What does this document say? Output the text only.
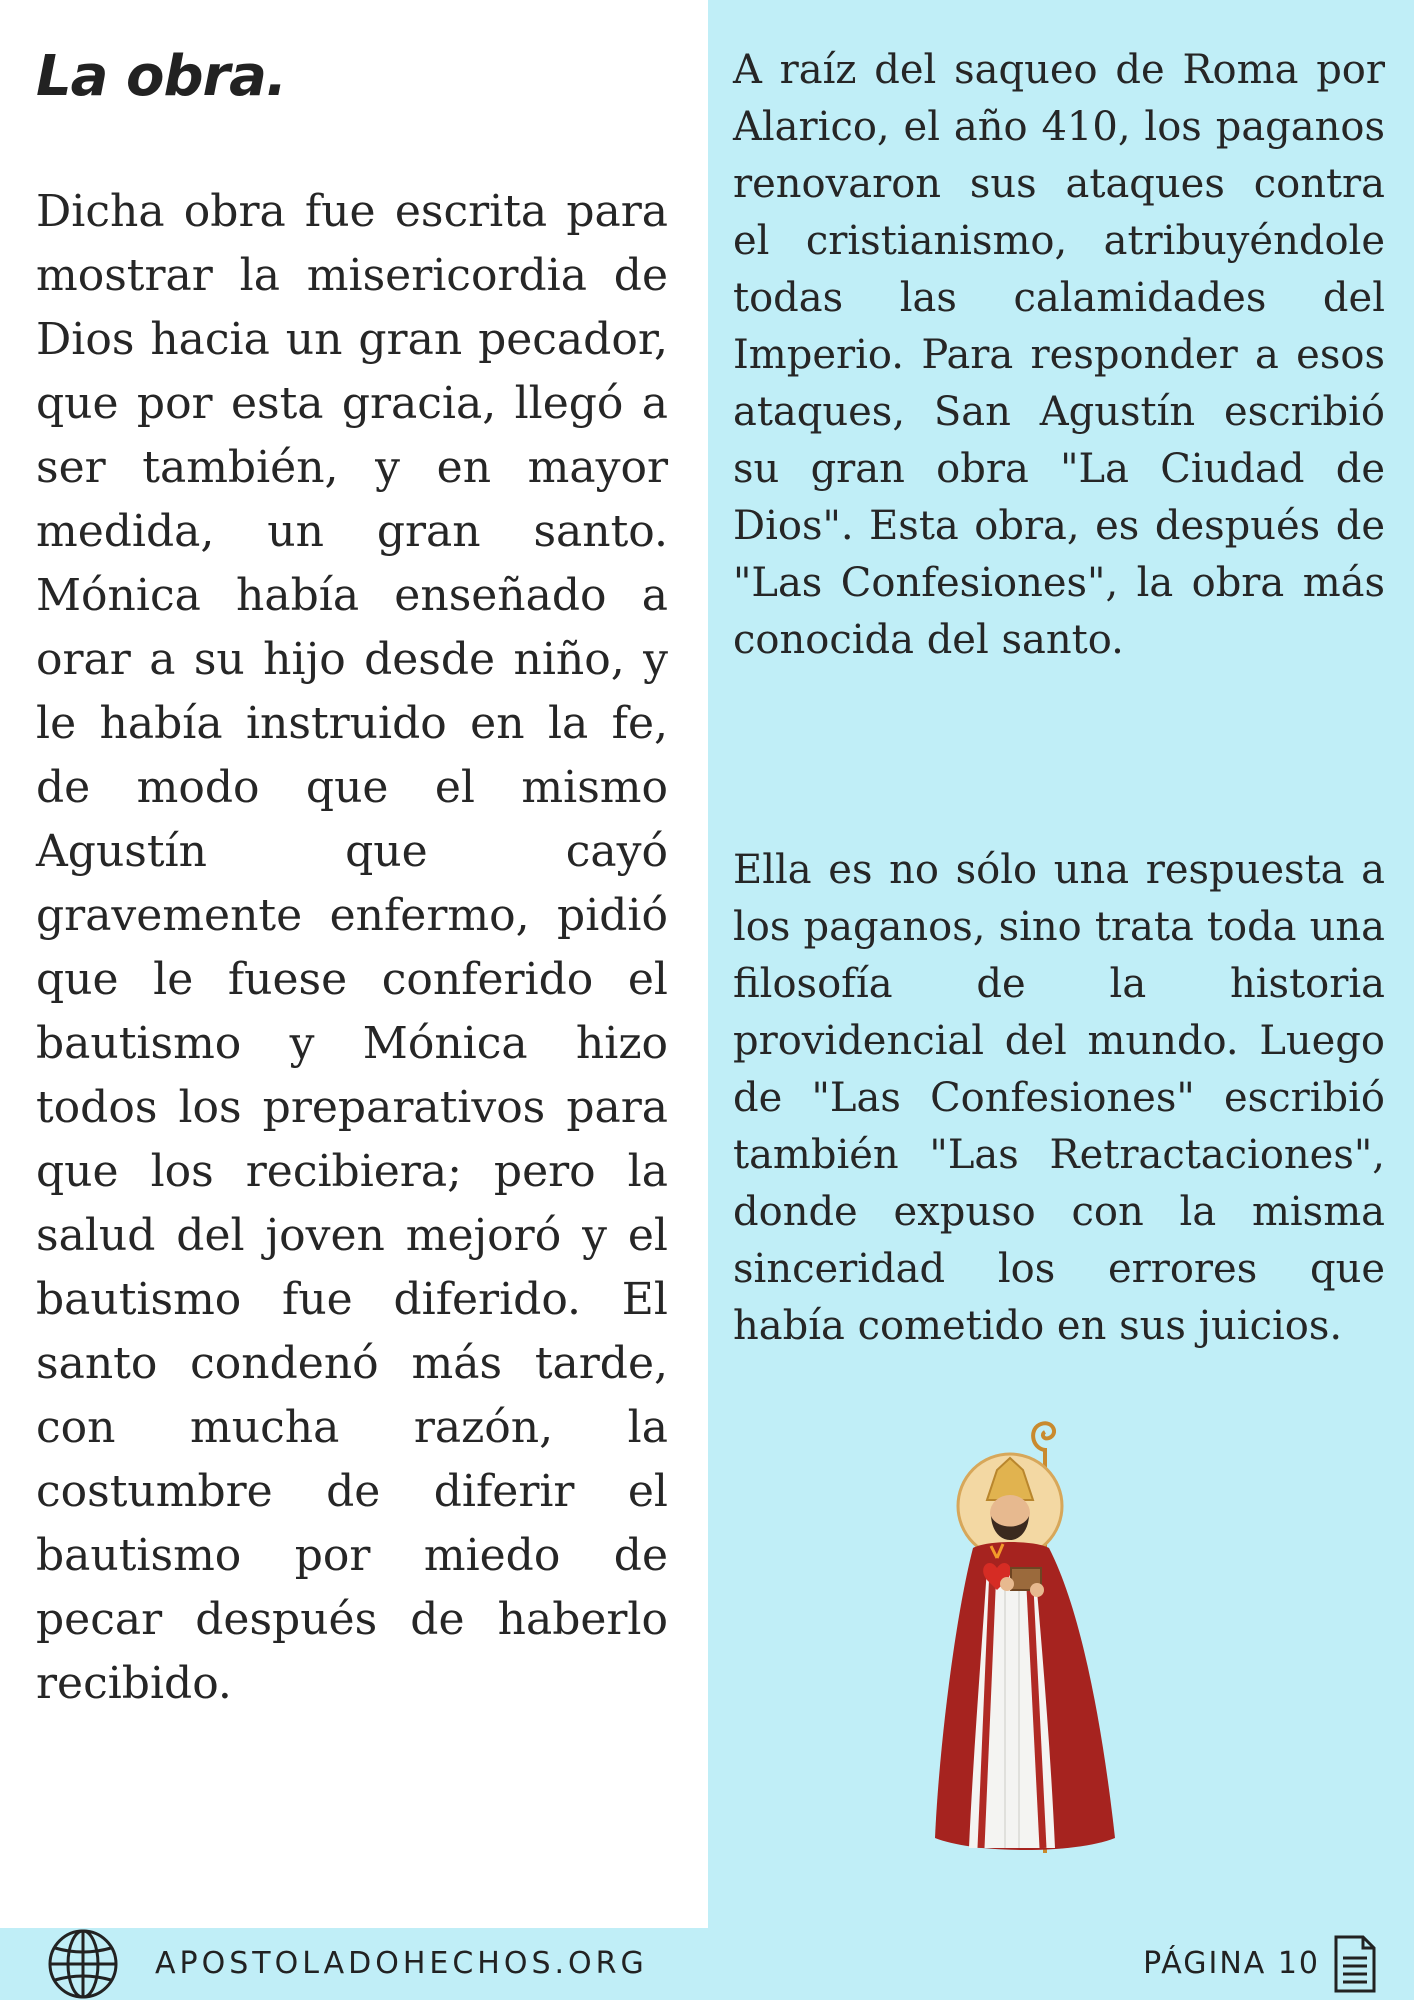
La obra.

Dicha obra fue escrita para mostrar la misericordia de Dios hacia un gran pecador, que por esta gracia, llegó a ser también, y en mayor medida, un gran santo. Mónica había enseñado a orar a su hijo desde niño, y le había instruido en la fe, de modo que el mismo Agustín que cayó gravemente enfermo, pidió que le fuese conferido el bautismo y Mónica hizo todos los preparativos para que los recibiera; pero la salud del joven mejoró y el bautismo fue diferido. El santo condenó más tarde, con mucha razón, la costumbre de diferir el bautismo por miedo de pecar después de haberlo recibido.

A raíz del saqueo de Roma por Alarico, el año 410, los paganos renovaron sus ataques contra el cristianismo, atribuyéndole todas las calamidades del Imperio. Para responder a esos ataques, San Agustín escribió su gran obra "La Ciudad de Dios". Esta obra, es después de "Las Confesiones", la obra más conocida del santo.

Ella es no sólo una respuesta a los paganos, sino trata toda una filosofía de la historia providencial del mundo. Luego de "Las Confesiones" escribió también "Las Retractaciones", donde expuso con la misma sinceridad los errores que había cometido en sus juicios.

APOSTOLADOHECHOS.ORG	PÁGINA 10
